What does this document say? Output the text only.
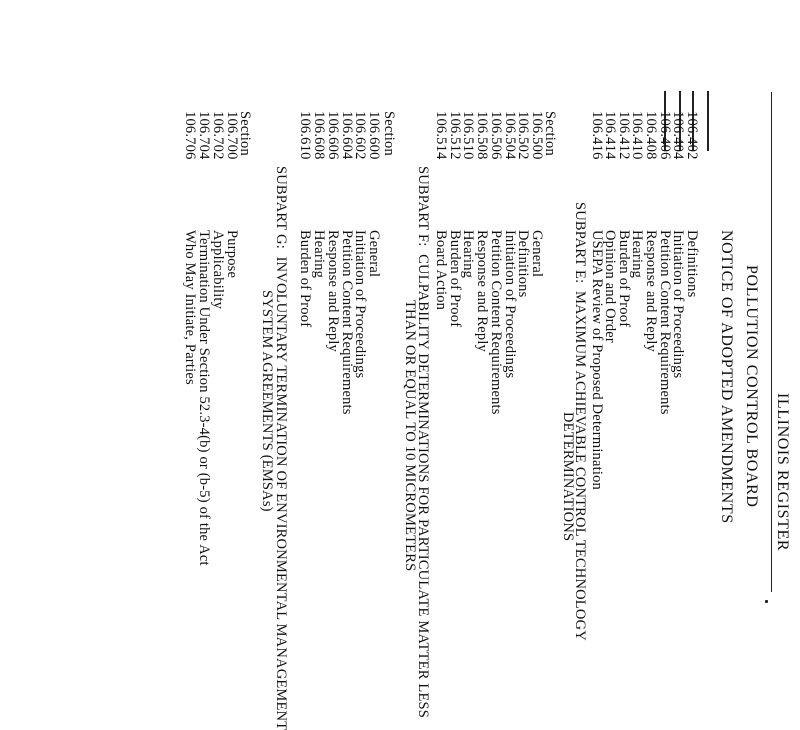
ILLINOIS REGISTER
POLLUTION CONTROL BOARD
NOTICE OF ADOPTED AMENDMENTS
106.402
Definitions
106.404
Initiation of Proceedings
106.406
Petition Content Requirements
106.408
Response and Reply
106.410
Hearing
106.412
Burden of Proof
106.414
Opinion and Order
106.416
USEPA Review of Proposed Determination
SUBPART E:  MAXIMUM ACHIEVABLE CONTROL TECHNOLOGY
DETERMINATIONS
Section
106.500
General
106.502
Definitions
106.504
Initiation of Proceedings
106.506
Petition Content Requirements
106.508
Response and Reply
106.510
Hearing
106.512
Burden of Proof
106.514
Board Action
SUBPART F:  CULPABILITY DETERMINATIONS FOR PARTICULATE MATTER LESS
THAN OR EQUAL TO 10 MICROMETERS
Section
106.600
General
106.602
Initiation of Proceedings
106.604
Petition Content Requirements
106.606
Response and Reply
106.608
Hearing
106.610
Burden of Proof
SUBPART G:  INVOLUNTARY TERMINATION OF ENVIRONMENTAL MANAGEMENT
SYSTEM AGREEMENTS (EMSAs)
Section
106.700
Purpose
106.702
Applicability
106.704
Termination Under Section 52.3-4(b) or (b-5) of the Act
106.706
Who May Initiate, Parties
